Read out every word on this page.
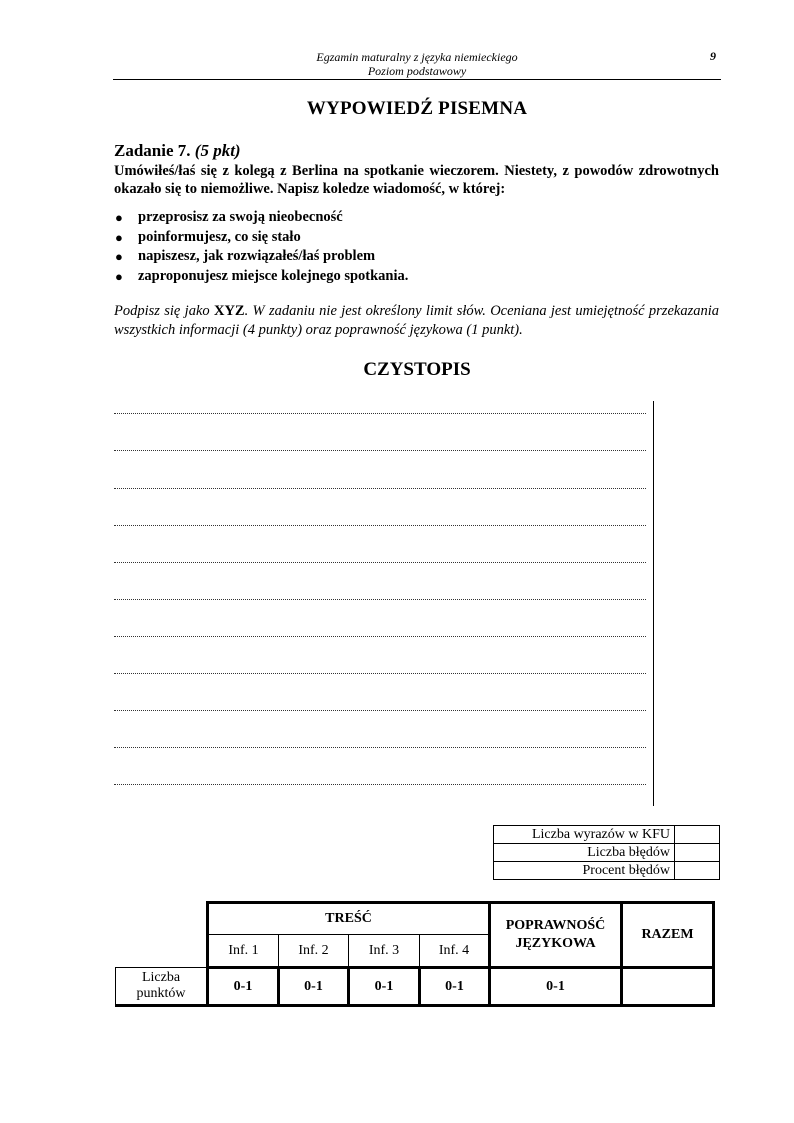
Egzamin maturalny z języka niemieckiego
Poziom podstawowy
9
WYPOWIEDŹ PISEMNA
Zadanie 7. (5 pkt)
Umówiłeś/łaś się z kolegą z Berlina na spotkanie wieczorem. Niestety, z powodów zdrowotnych okazało się to niemożliwe. Napisz koledze wiadomość, w której:
● przeprosisz za swoją nieobecność
● poinformujesz, co się stało
● napiszesz, jak rozwiązałeś/łaś problem
● zaproponujesz miejsce kolejnego spotkania.
Podpisz się jako XYZ. W zadaniu nie jest określony limit słów. Oceniana jest umiejętność przekazania wszystkich informacji (4 punkty) oraz poprawność językowa (1 punkt).
CZYSTOPIS
Liczba wyrazów w KFU	
Liczba błędów	
Procent błędów	
	TREŚĆ				POPRAWNOŚĆ
JĘZYKOWA	RAZEM
	Inf. 1	Inf. 2	Inf. 3	Inf. 4		
Liczba
punktów	0-1	0-1	0-1	0-1	0-1	
